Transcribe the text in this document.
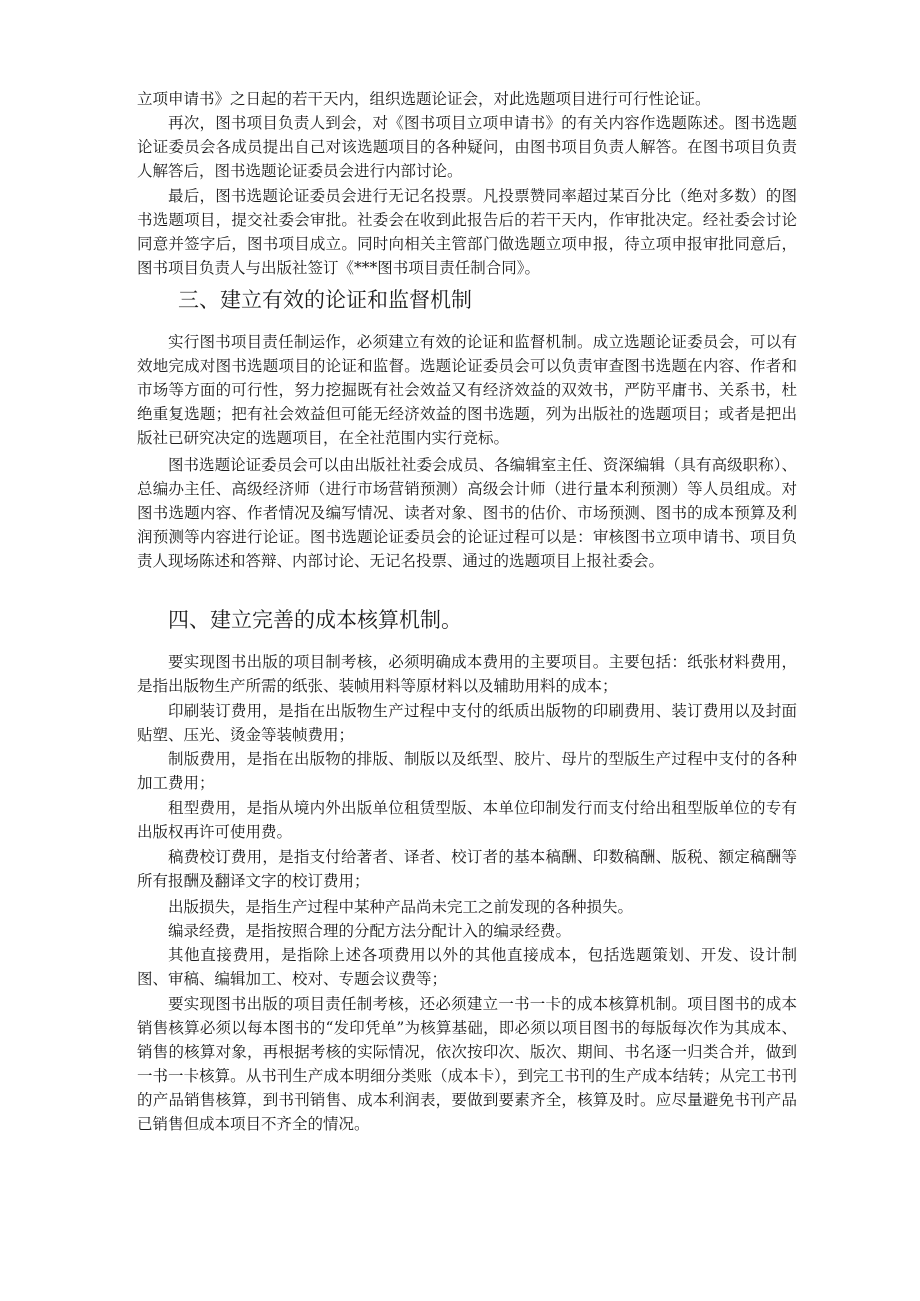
立项申请书》之日起的若干天内，组织选题论证会，对此选题项目进行可行性论证。

再次，图书项目负责人到会，对《图书项目立项申请书》的有关内容作选题陈述。图书选题论证委员会各成员提出自己对该选题项目的各种疑问，由图书项目负责人解答。在图书项目负责人解答后，图书选题论证委员会进行内部讨论。

最后，图书选题论证委员会进行无记名投票。凡投票赞同率超过某百分比（绝对多数）的图书选题项目，提交社委会审批。社委会在收到此报告后的若干天内，作审批决定。经社委会讨论同意并签字后，图书项目成立。同时向相关主管部门做选题立项申报，待立项申报审批同意后，图书项目负责人与出版社签订《***图书项目责任制合同》。

三、建立有效的论证和监督机制

实行图书项目责任制运作，必须建立有效的论证和监督机制。成立选题论证委员会，可以有效地完成对图书选题项目的论证和监督。选题论证委员会可以负责审查图书选题在内容、作者和市场等方面的可行性，努力挖掘既有社会效益又有经济效益的双效书，严防平庸书、关系书，杜绝重复选题；把有社会效益但可能无经济效益的图书选题，列为出版社的选题项目；或者是把出版社已研究决定的选题项目，在全社范围内实行竞标。

图书选题论证委员会可以由出版社社委会成员、各编辑室主任、资深编辑（具有高级职称）、总编办主任、高级经济师（进行市场营销预测）高级会计师（进行量本利预测）等人员组成。对图书选题内容、作者情况及编写情况、读者对象、图书的估价、市场预测、图书的成本预算及利润预测等内容进行论证。图书选题论证委员会的论证过程可以是：审核图书立项申请书、项目负责人现场陈述和答辩、内部讨论、无记名投票、通过的选题项目上报社委会。

四、建立完善的成本核算机制。

要实现图书出版的项目制考核，必须明确成本费用的主要项目。主要包括：纸张材料费用，是指出版物生产所需的纸张、装帧用料等原材料以及辅助用料的成本；

印刷装订费用，是指在出版物生产过程中支付的纸质出版物的印刷费用、装订费用以及封面贴塑、压光、烫金等装帧费用；

制版费用，是指在出版物的排版、制版以及纸型、胶片、母片的型版生产过程中支付的各种加工费用；

租型费用，是指从境内外出版单位租赁型版、本单位印制发行而支付给出租型版单位的专有出版权再许可使用费。

稿费校订费用，是指支付给著者、译者、校订者的基本稿酬、印数稿酬、版税、额定稿酬等所有报酬及翻译文字的校订费用；

出版损失，是指生产过程中某种产品尚未完工之前发现的各种损失。

编录经费，是指按照合理的分配方法分配计入的编录经费。

其他直接费用，是指除上述各项费用以外的其他直接成本，包括选题策划、开发、设计制图、审稿、编辑加工、校对、专题会议费等；

要实现图书出版的项目责任制考核，还必须建立一书一卡的成本核算机制。项目图书的成本销售核算必须以每本图书的“发印凭单”为核算基础，即必须以项目图书的每版每次作为其成本、销售的核算对象，再根据考核的实际情况，依次按印次、版次、期间、书名逐一归类合并，做到一书一卡核算。从书刊生产成本明细分类账（成本卡），到完工书刊的生产成本结转；从完工书刊的产品销售核算，到书刊销售、成本利润表，要做到要素齐全，核算及时。应尽量避免书刊产品已销售但成本项目不齐全的情况。
